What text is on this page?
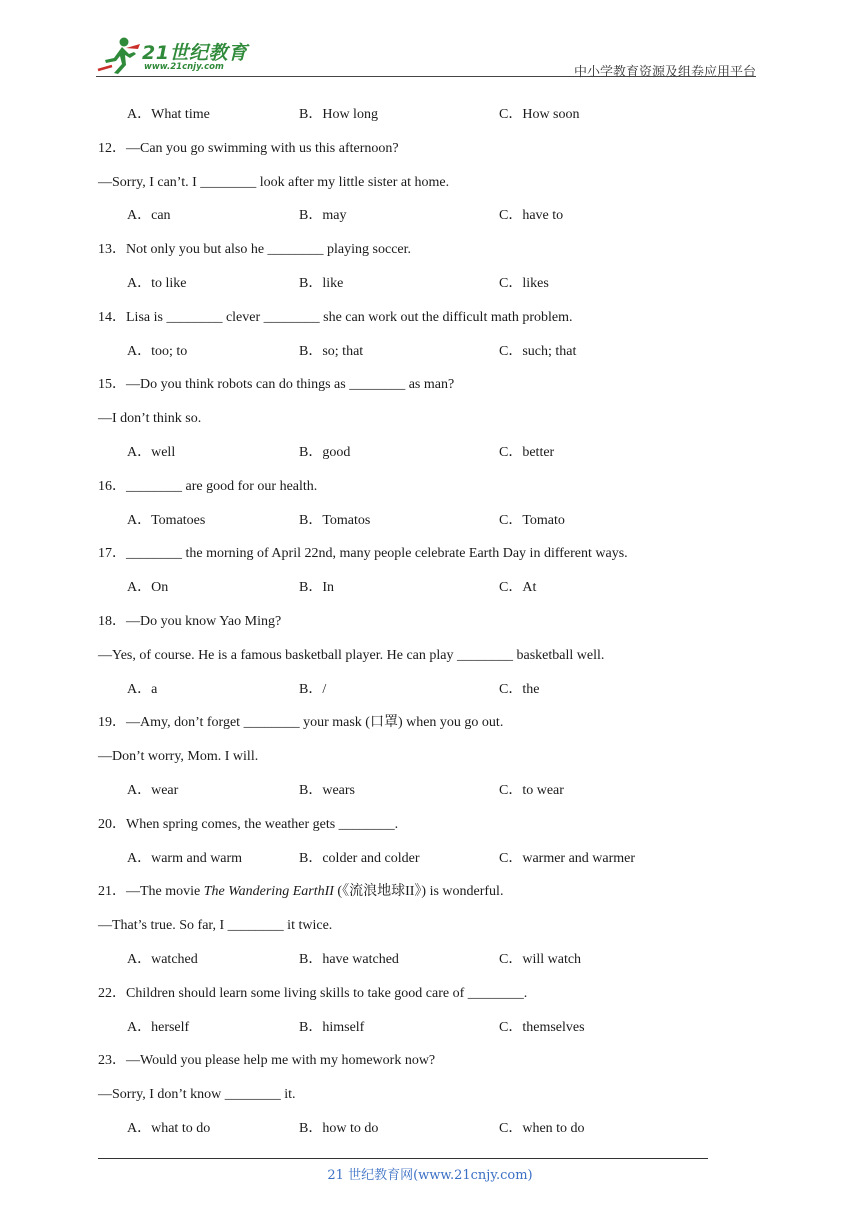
21世纪教育
www.21cnjy.com	中小学教育资源及组卷应用平台
A．What time	B．How long	C．How soon
12．—Can you go swimming with us this afternoon?
—Sorry, I can’t. I ________ look after my little sister at home.
A．can	B．may	C．have to
13．Not only you but also he ________ playing soccer.
A．to like	B．like	C．likes
14．Lisa is ________ clever ________ she can work out the difficult math problem.
A．too; to	B．so; that	C．such; that
15．—Do you think robots can do things as ________ as man?
—I don’t think so.
A．well	B．good	C．better
16．________ are good for our health.
A．Tomatoes	B．Tomatos	C．Tomato
17．________ the morning of April 22nd, many people celebrate Earth Day in different ways.
A．On	B．In	C．At
18．—Do you know Yao Ming?
—Yes, of course. He is a famous basketball player. He can play ________ basketball well.
A．a	B．/	C．the
19．—Amy, don’t forget ________ your mask (口罩) when you go out.
—Don’t worry, Mom. I will.
A．wear	B．wears	C．to wear
20．When spring comes, the weather gets ________.
A．warm and warm	B．colder and colder	C．warmer and warmer
21．—The movie The Wandering EarthII (《流浪地球II》) is wonderful.
—That’s true. So far, I ________ it twice.
A．watched	B．have watched	C．will watch
22．Children should learn some living skills to take good care of ________.
A．herself	B．himself	C．themselves
23．—Would you please help me with my homework now?
—Sorry, I don’t know ________ it.
A．what to do	B．how to do	C．when to do
21 世纪教育网(www.21cnjy.com)
